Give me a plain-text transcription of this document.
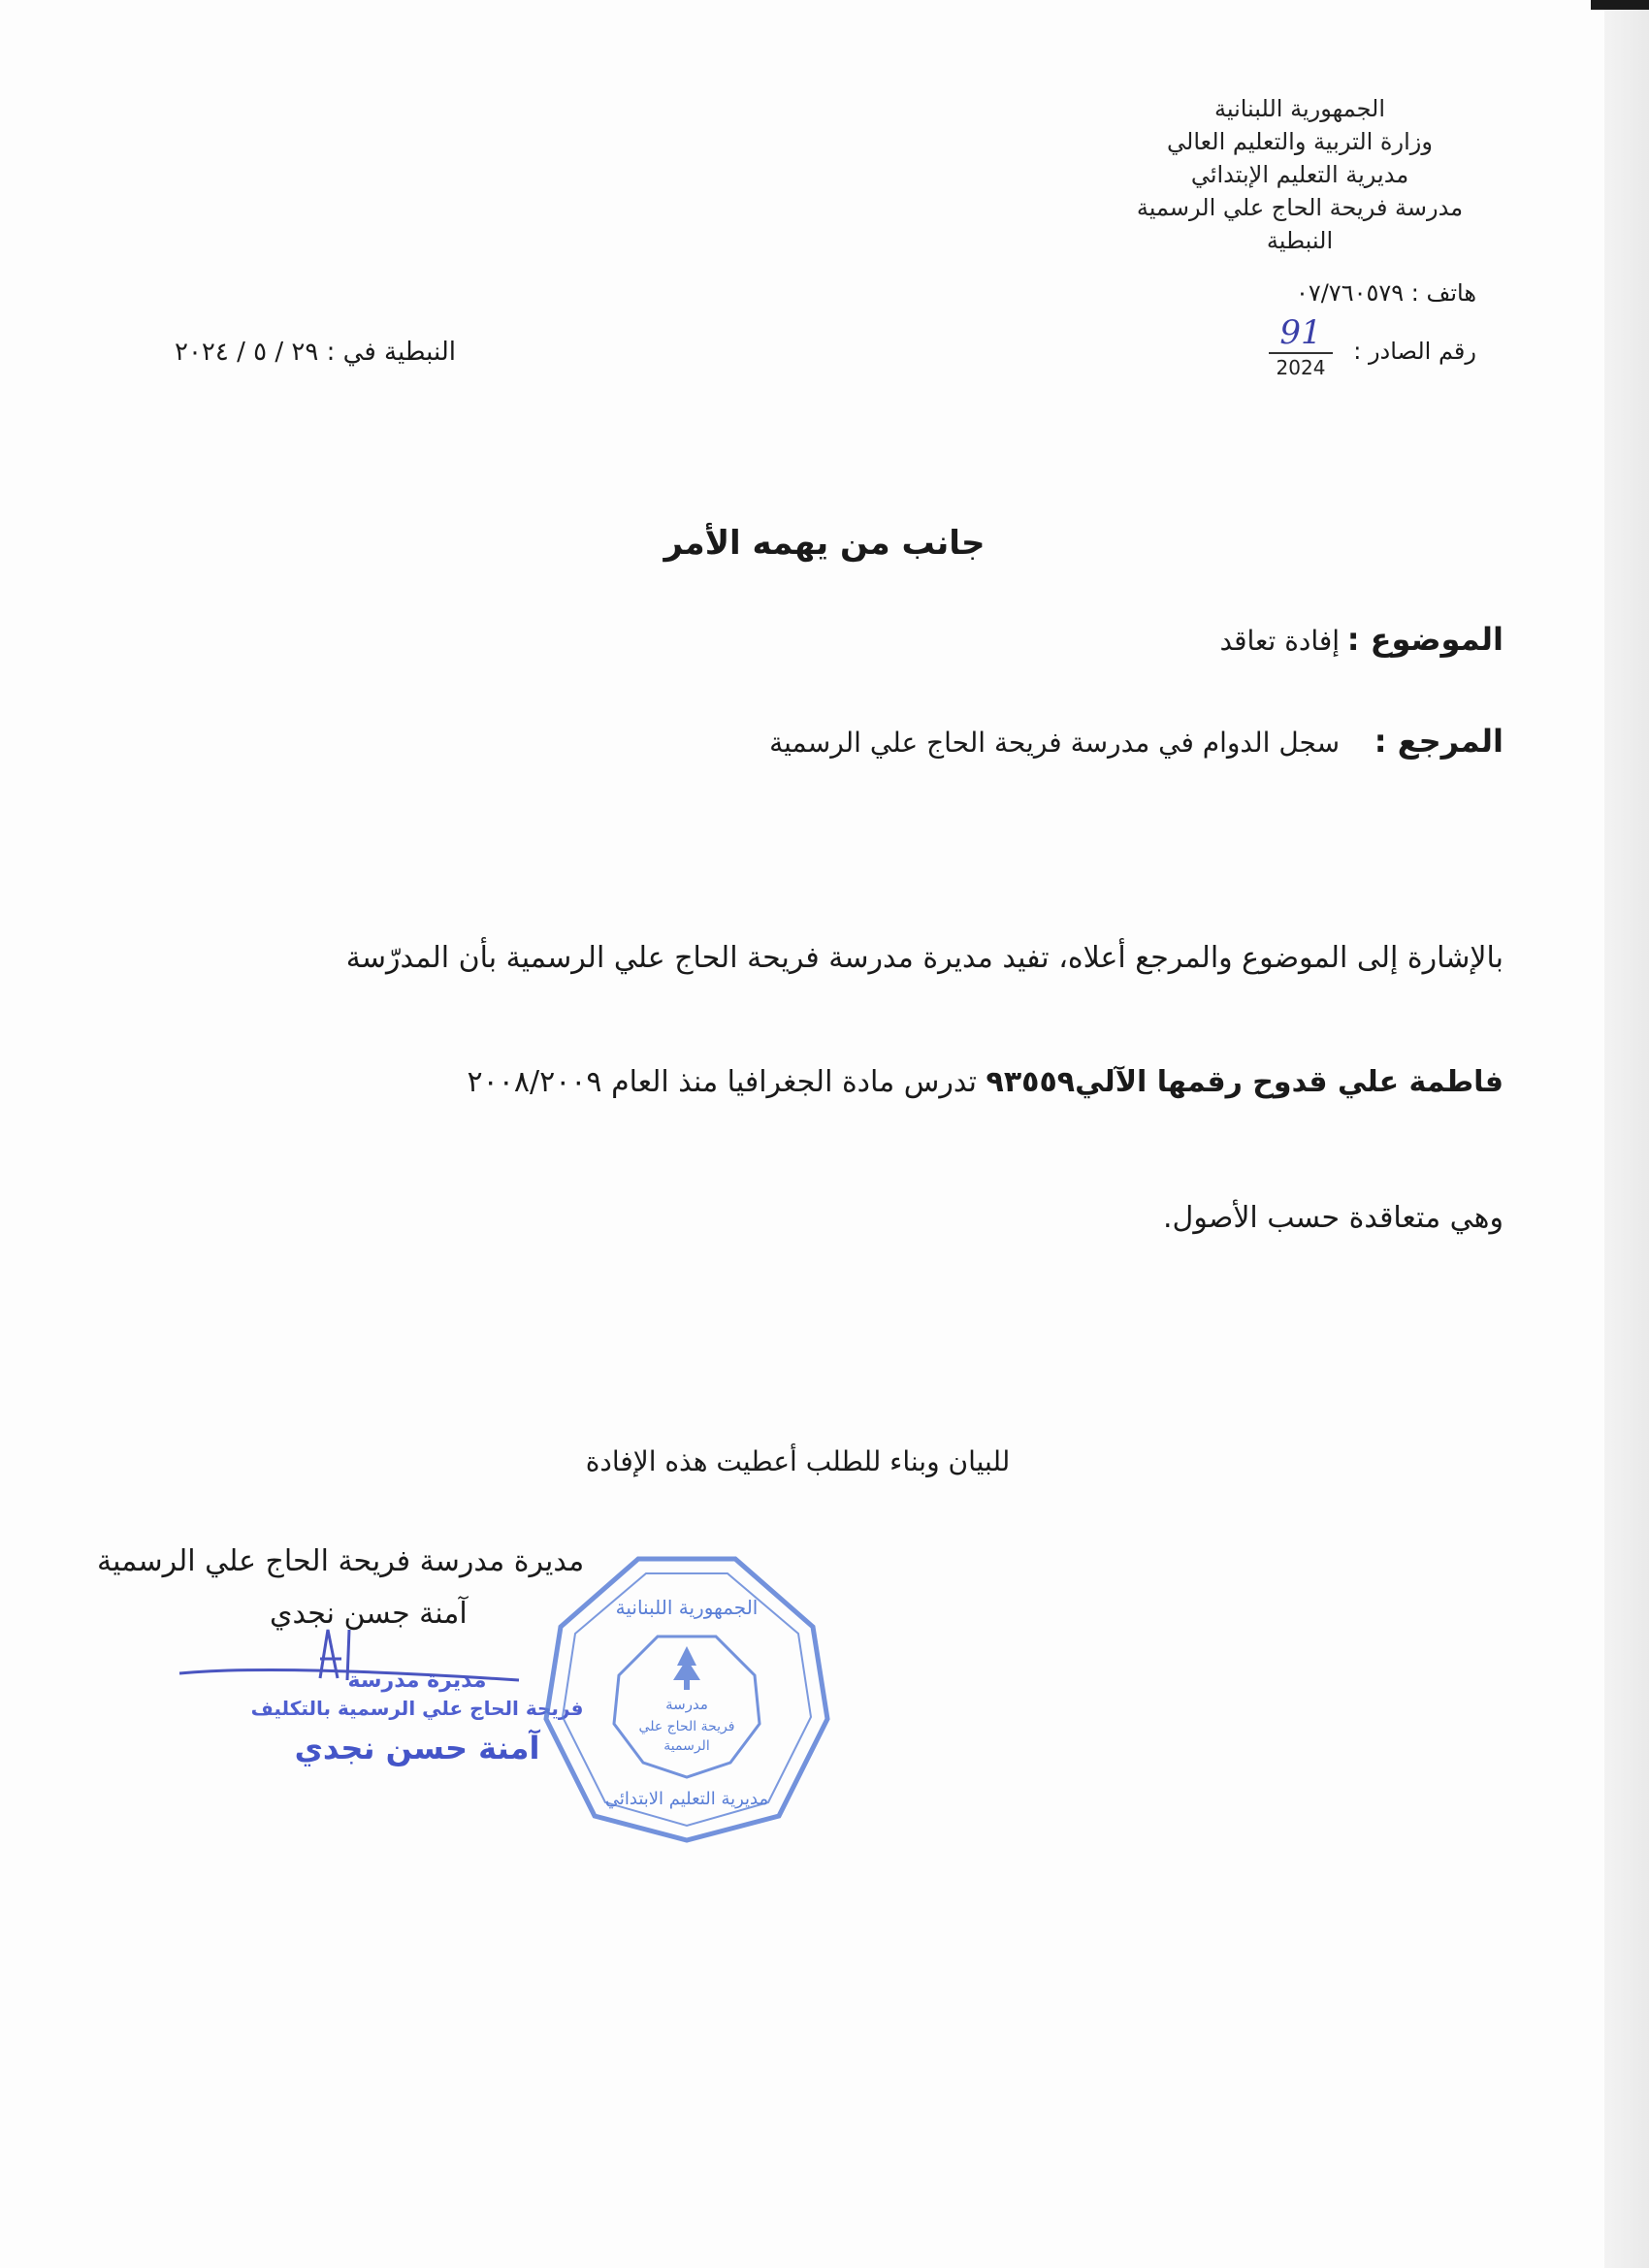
الجمهورية اللبنانية
وزارة التربية والتعليم العالي
مديرية التعليم الإبتدائي
مدرسة فريحة الحاج علي الرسمية
النبطية
هاتف : ٠٧/٧٦٠٥٧٩
رقم الصادر :
91
2024
النبطية في : ٢٩ / ٥ / ٢٠٢٤
جانب من يهمه الأمر
الموضوع : إفادة تعاقد
المرجع : سجل الدوام في مدرسة فريحة الحاج علي الرسمية
بالإشارة إلى الموضوع والمرجع أعلاه، تفيد مديرة مدرسة فريحة الحاج علي الرسمية بأن المدرّسة
فاطمة علي قدوح رقمها الآلي٩٣٥٥٩ تدرس مادة الجغرافيا منذ العام ٢٠٠٨/٢٠٠٩
وهي متعاقدة حسب الأصول.
للبيان وبناء للطلب أعطيت هذه الإفادة
مديرة مدرسة فريحة الحاج علي الرسمية
آمنة جسن نجدي
مديرة مدرسة
فريحة الحاج علي الرسمية بالتكليف
آمنة حسن نجدي
الجمهورية اللبنانية
مديرية التعليم الابتدائي
مدرسة
فريحة الحاج علي
الرسمية
